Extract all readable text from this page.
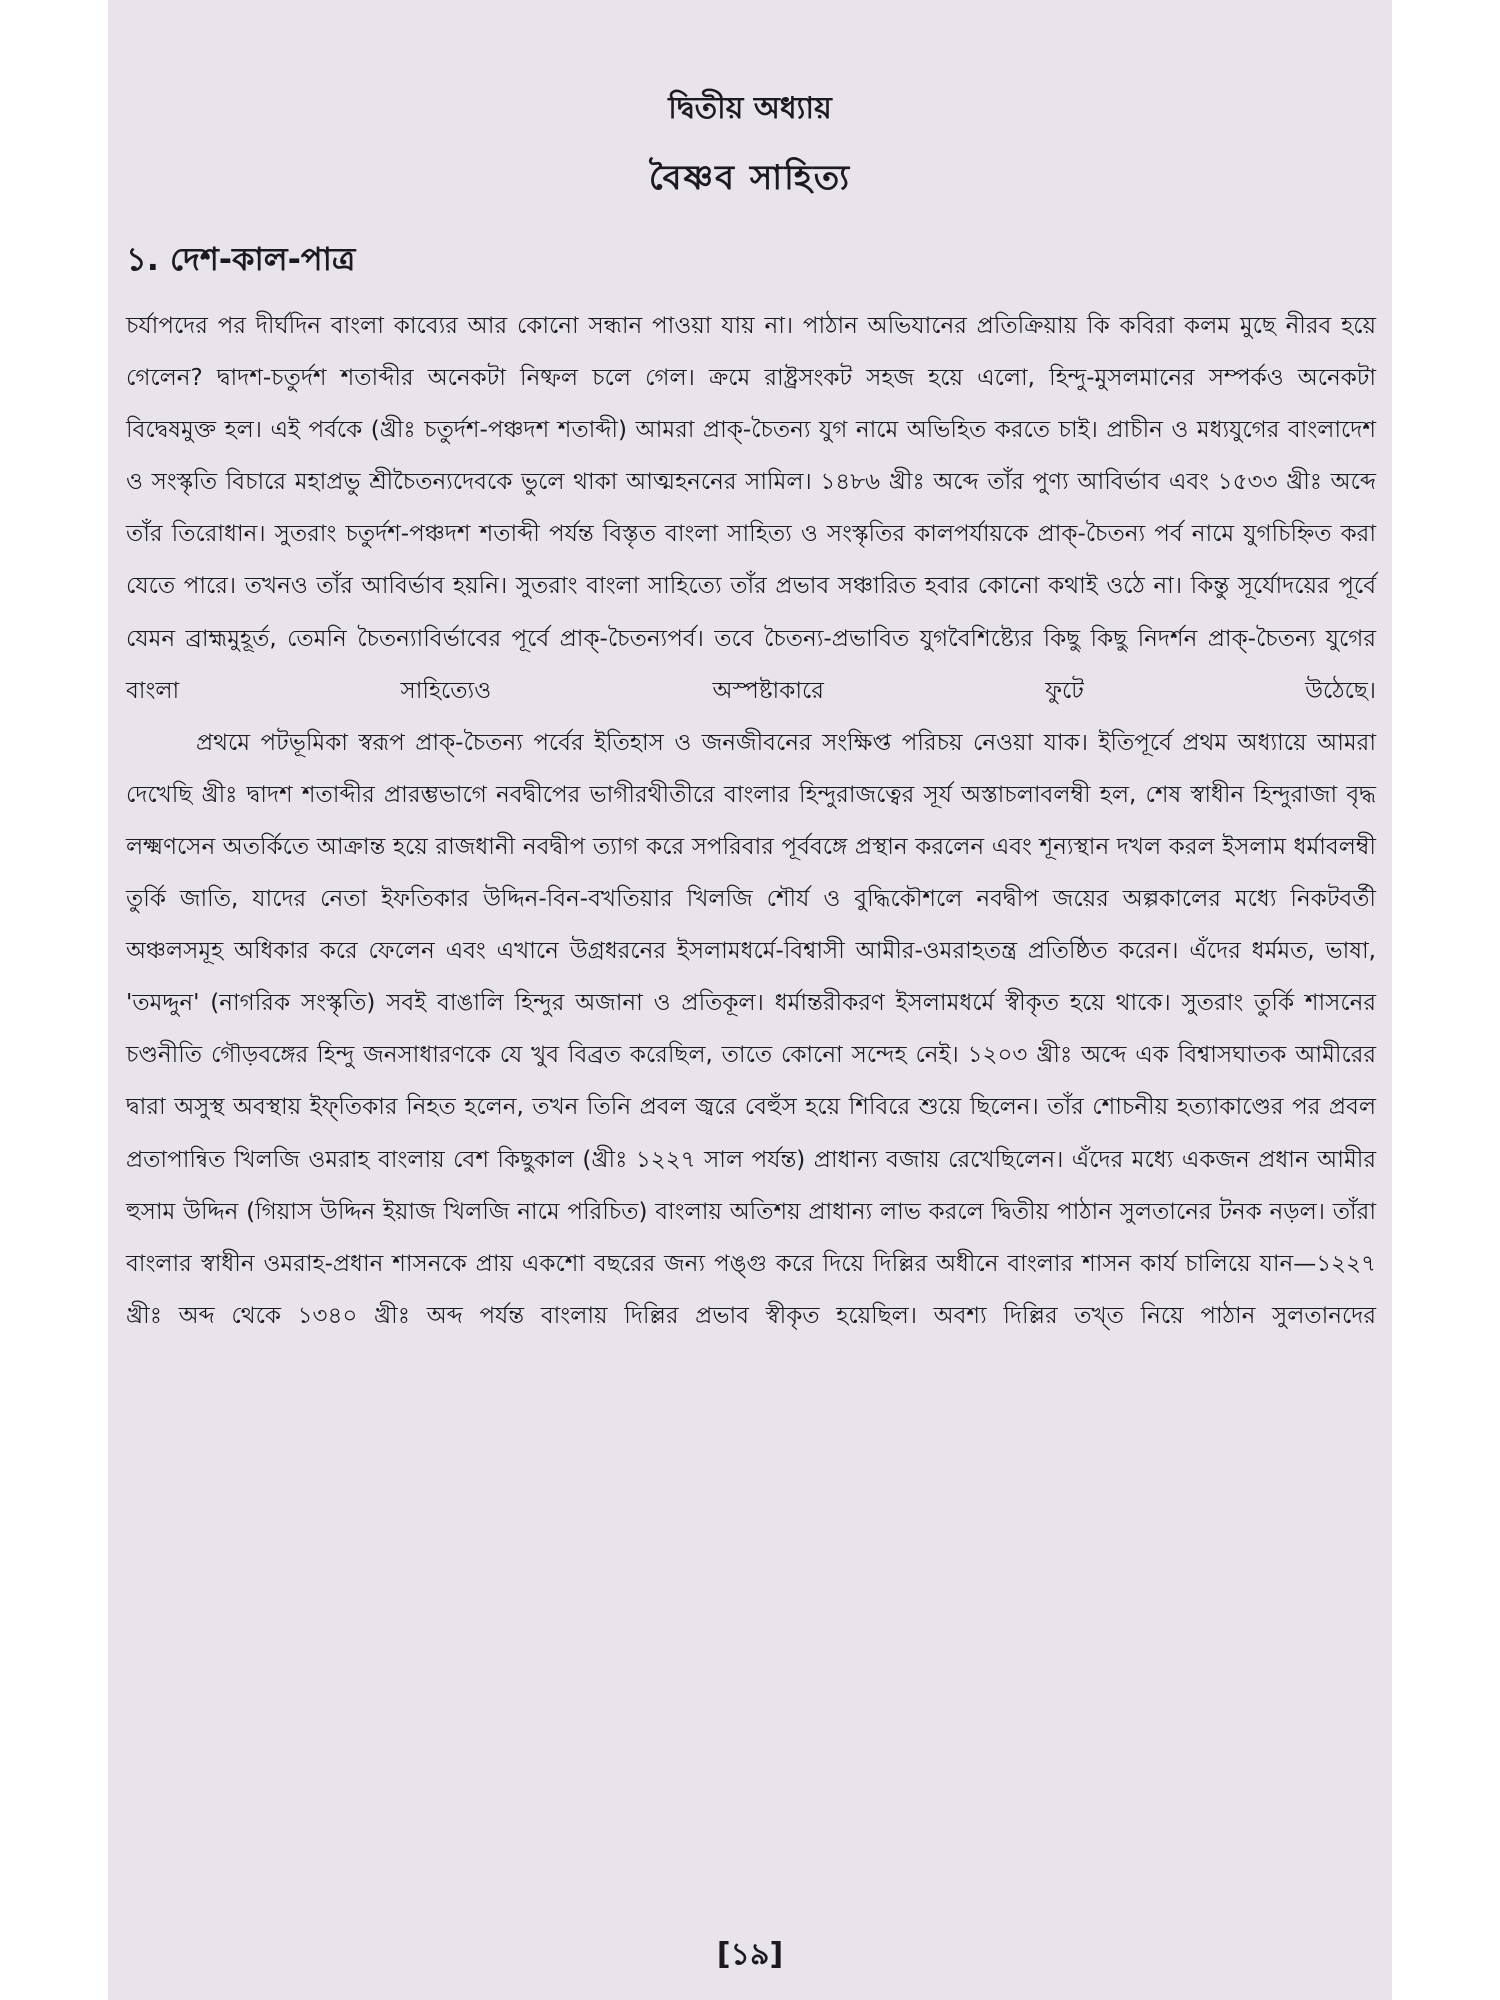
দ্বিতীয় অধ্যায়
বৈষ্ণব সাহিত্য
১. দেশ-কাল-পাত্র

চর্যাপদের পর দীর্ঘদিন বাংলা কাব্যের আর কোনো সন্ধান পাওয়া যায় না। পাঠান অভিযানের প্রতিক্রিয়ায় কি কবিরা কলম মুছে নীরব হয়ে গেলেন? দ্বাদশ-চতুর্দশ শতাব্দীর অনেকটা নিষ্ফল চলে গেল। ক্রমে রাষ্ট্রসংকট সহজ হয়ে এলো, হিন্দু-মুসলমানের সম্পর্কও অনেকটা বিদ্বেষমুক্ত হল। এই পর্বকে (খ্রীঃ চতুর্দশ-পঞ্চদশ শতাব্দী) আমরা প্রাক্-চৈতন্য যুগ নামে অভিহিত করতে চাই। প্রাচীন ও মধ্যযুগের বাংলাদেশ ও সংস্কৃতি বিচারে মহাপ্রভু শ্রীচৈতন্যদেবকে ভুলে থাকা আত্মহননের সামিল। ১৪৮৬ খ্রীঃ অব্দে তাঁর পুণ্য আবির্ভাব এবং ১৫৩৩ খ্রীঃ অব্দে তাঁর তিরোধান। সুতরাং চতুর্দশ-পঞ্চদশ শতাব্দী পর্যন্ত বিস্তৃত বাংলা সাহিত্য ও সংস্কৃতির কালপর্যায়কে প্রাক্-চৈতন্য পর্ব নামে যুগচিহ্নিত করা যেতে পারে। তখনও তাঁর আবির্ভাব হয়নি। সুতরাং বাংলা সাহিত্যে তাঁর প্রভাব সঞ্চারিত হবার কোনো কথাই ওঠে না। কিন্তু সূর্যোদয়ের পূর্বে যেমন ব্রাহ্মমুহূর্ত, তেমনি চৈতন্যাবির্ভাবের পূর্বে প্রাক্-চৈতন্যপর্ব। তবে চৈতন্য-প্রভাবিত যুগবৈশিষ্ট্যের কিছু কিছু নিদর্শন প্রাক্-চৈতন্য যুগের বাংলা সাহিত্যেও অস্পষ্টাকারে ফুটে উঠেছে।

প্রথমে পটভূমিকা স্বরূপ প্রাক্-চৈতন্য পর্বের ইতিহাস ও জনজীবনের সংক্ষিপ্ত পরিচয় নেওয়া যাক। ইতিপূর্বে প্রথম অধ্যায়ে আমরা দেখেছি খ্রীঃ দ্বাদশ শতাব্দীর প্রারম্ভভাগে নবদ্বীপের ভাগীরথীতীরে বাংলার হিন্দুরাজত্বের সূর্য অস্তাচলাবলম্বী হল, শেষ স্বাধীন হিন্দুরাজা বৃদ্ধ লক্ষ্মণসেন অতর্কিতে আক্রান্ত হয়ে রাজধানী নবদ্বীপ ত্যাগ করে সপরিবার পূর্ববঙ্গে প্রস্থান করলেন এবং শূন্যস্থান দখল করল ইসলাম ধর্মাবলম্বী তুর্কি জাতি, যাদের নেতা ইফতিকার উদ্দিন-বিন-বখতিয়ার খিলজি শৌর্য ও বুদ্ধিকৌশলে নবদ্বীপ জয়ের অল্পকালের মধ্যে নিকটবর্তী অঞ্চলসমূহ অধিকার করে ফেলেন এবং এখানে উগ্রধরনের ইসলামধর্মে-বিশ্বাসী আমীর-ওমরাহতন্ত্র প্রতিষ্ঠিত করেন। এঁদের ধর্মমত, ভাষা, 'তমদ্দুন' (নাগরিক সংস্কৃতি) সবই বাঙালি হিন্দুর অজানা ও প্রতিকূল। ধর্মান্তরীকরণ ইসলামধর্মে স্বীকৃত হয়ে থাকে। সুতরাং তুর্কি শাসনের চণ্ডনীতি গৌড়বঙ্গের হিন্দু জনসাধারণকে যে খুব বিব্রত করেছিল, তাতে কোনো সন্দেহ নেই। ১২০৩ খ্রীঃ অব্দে এক বিশ্বাসঘাতক আমীরের দ্বারা অসুস্থ অবস্থায় ইফ্‌তিকার নিহত হলেন, তখন তিনি প্রবল জ্বরে বেহুঁস হয়ে শিবিরে শুয়ে ছিলেন। তাঁর শোচনীয় হত্যাকাণ্ডের পর প্রবল প্রতাপান্বিত খিলজি ওমরাহ বাংলায় বেশ কিছুকাল (খ্রীঃ ১২২৭ সাল পর্যন্ত) প্রাধান্য বজায় রেখেছিলেন। এঁদের মধ্যে একজন প্রধান আমীর হুসাম উদ্দিন (গিয়াস উদ্দিন ইয়াজ খিলজি নামে পরিচিত) বাংলায় অতিশয় প্রাধান্য লাভ করলে দ্বিতীয় পাঠান সুলতানের টনক নড়ল। তাঁরা বাংলার স্বাধীন ওমরাহ-প্রধান শাসনকে প্রায় একশো বছরের জন্য পঙ্গু করে দিয়ে দিল্লির অধীনে বাংলার শাসন কার্য চালিয়ে যান—১২২৭ খ্রীঃ অব্দ থেকে ১৩৪০ খ্রীঃ অব্দ পর্যন্ত বাংলায় দিল্লির প্রভাব স্বীকৃত হয়েছিল। অবশ্য দিল্লির তখ্‌ত নিয়ে পাঠান সুলতানদের

[১৯]
